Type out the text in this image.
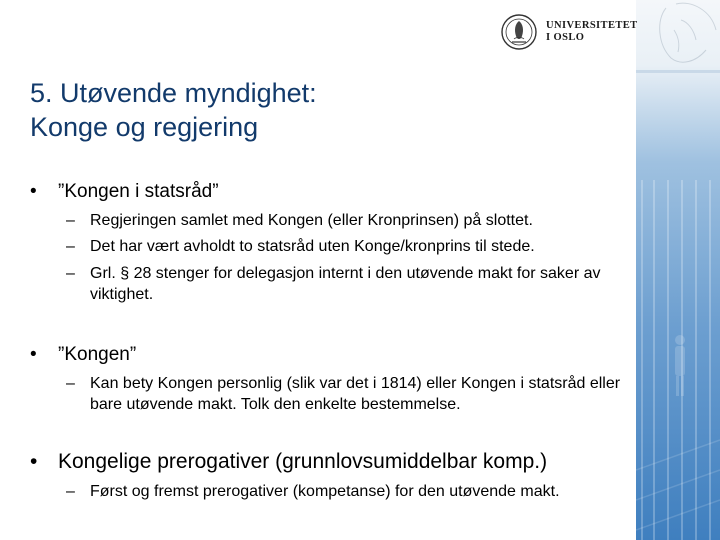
UNIVERSITETET
I OSLO
5. Utøvende myndighet:
Konge og regjering
• ”Kongen i statsråd”
– Regjeringen samlet med Kongen (eller Kronprinsen) på slottet.
– Det har vært avholdt to statsråd uten Konge/kronprins til stede.
– Grl. § 28 stenger for delegasjon internt i den utøvende makt for saker av viktighet.
• ”Kongen”
– Kan bety Kongen personlig (slik var det i 1814) eller Kongen i statsråd eller bare utøvende makt. Tolk den enkelte bestemmelse.
• Kongelige prerogativer (grunnlovsumiddelbar komp.)
– Først og fremst prerogativer (kompetanse) for den utøvende makt.
